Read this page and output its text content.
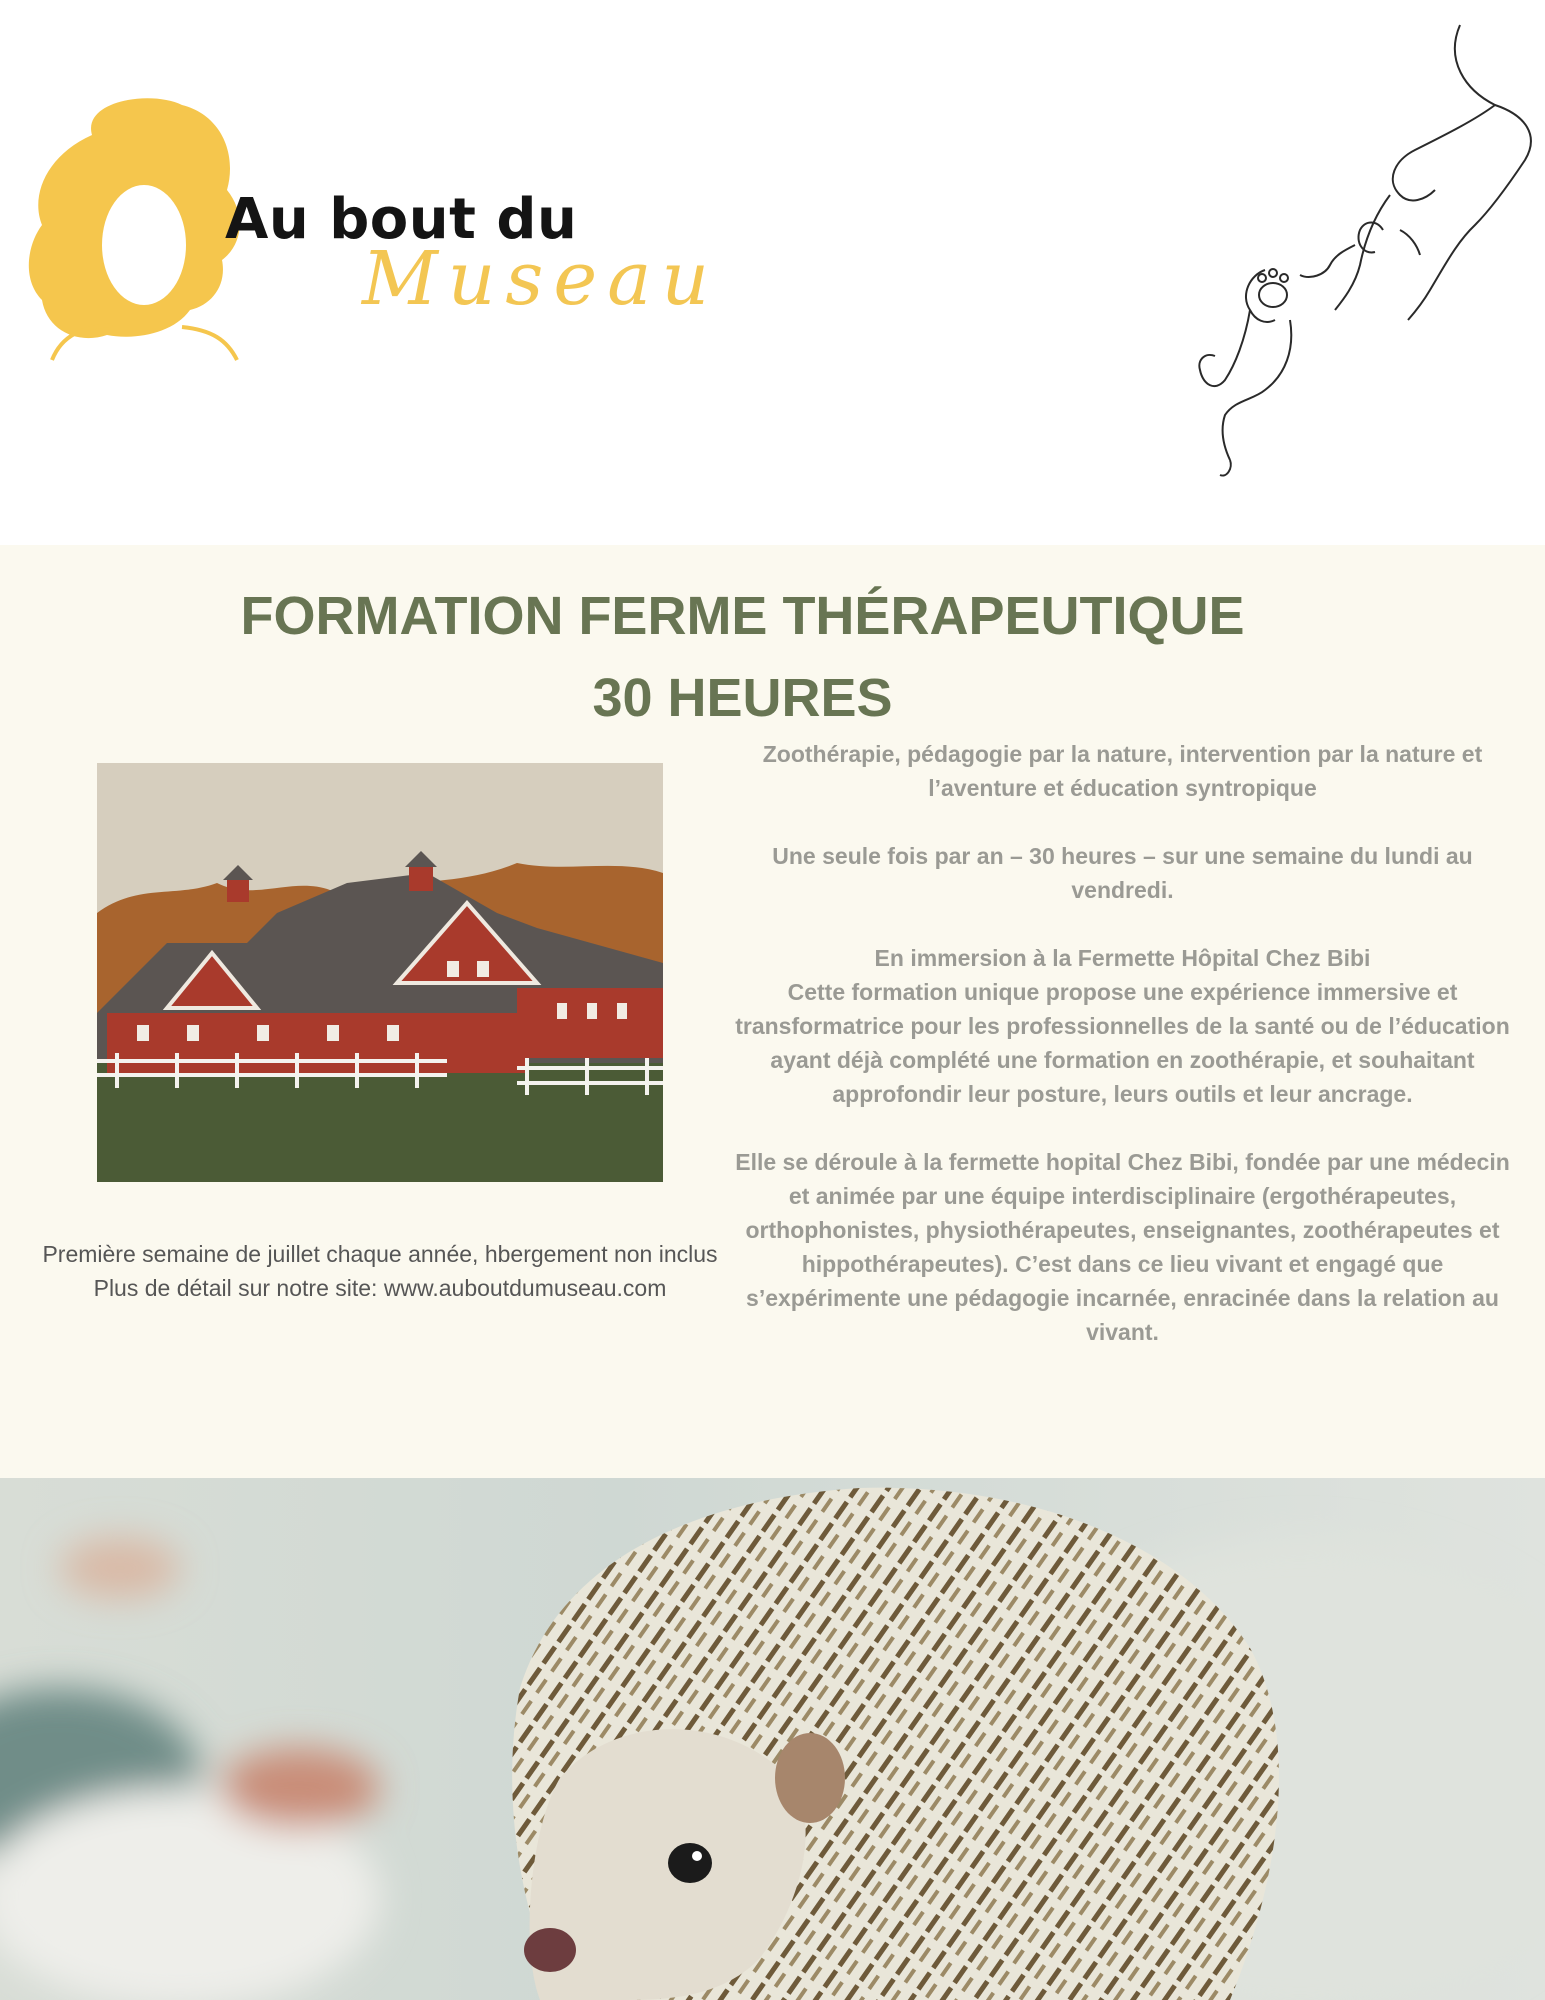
Au bout du
Museau
FORMATION FERME THÉRAPEUTIQUE
30 HEURES

Première semaine de juillet chaque année, hbergement non inclus

Plus de détail sur notre site: www.auboutdumuseau.com

Zoothérapie, pédagogie par la nature, intervention par la nature et l’aventure et éducation syntropique

Une seule fois par an – 30 heures – sur une semaine du lundi au vendredi.

En immersion à la Fermette Hôpital Chez Bibi
Cette formation unique propose une expérience immersive et transformatrice pour les professionnelles de la santé ou de l’éducation ayant déjà complété une formation en zoothérapie, et souhaitant approfondir leur posture, leurs outils et leur ancrage.

Elle se déroule à la fermette hopital Chez Bibi, fondée par une médecin et animée par une équipe interdisciplinaire (ergothérapeutes, orthophonistes, physiothérapeutes, enseignantes, zoothérapeutes et hippothérapeutes). C’est dans ce lieu vivant et engagé que s’expérimente une pédagogie incarnée, enracinée dans la relation au vivant.
